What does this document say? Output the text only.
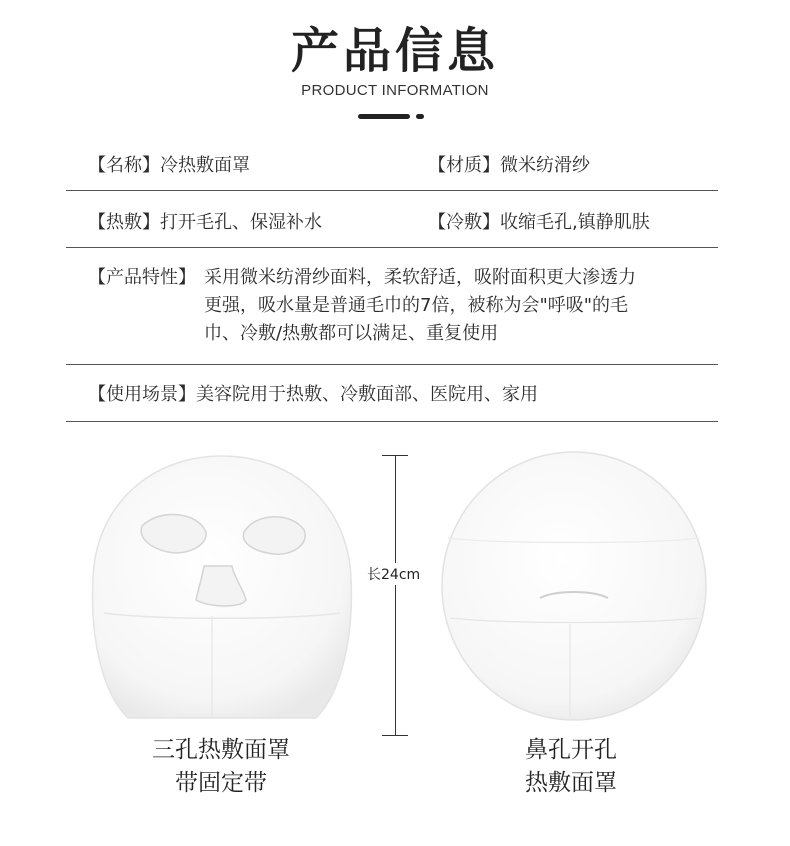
产品信息
PRODUCT INFORMATION
【名称】冷热敷面罩	【材质】微米纺滑纱
【热敷】打开毛孔、保湿补水	【冷敷】收缩毛孔,镇静肌肤
【产品特性】 采用微米纺滑纱面料，柔软舒适，吸附面积更大渗透力
更强，吸水量是普通毛巾的7倍，被称为会"呼吸"的毛
巾、冷敷/热敷都可以满足、重复使用
【使用场景】美容院用于热敷、冷敷面部、医院用、家用
长24cm
三孔热敷面罩
带固定带
鼻孔开孔
热敷面罩
